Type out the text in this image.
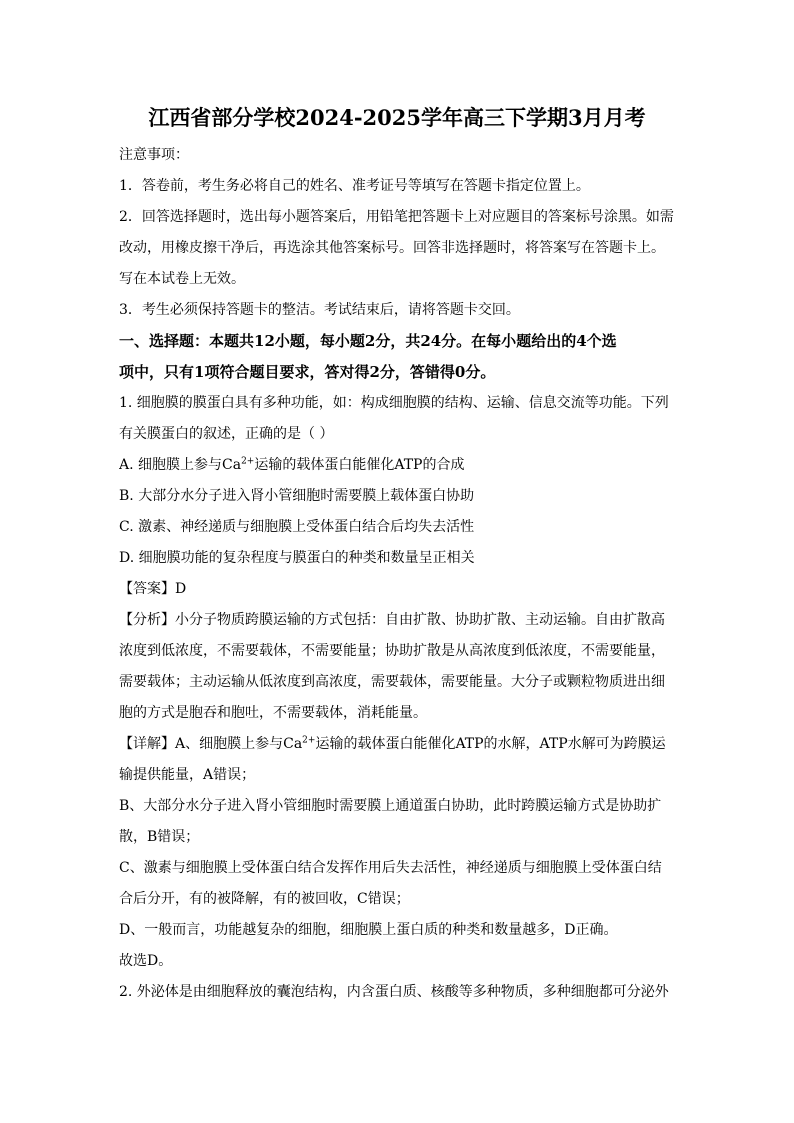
江西省部分学校2024-2025学年高三下学期3月月考
注意事项：
1．答卷前，考生务必将自己的姓名、准考证号等填写在答题卡指定位置上。
2．回答选择题时，选出每小题答案后，用铅笔把答题卡上对应题目的答案标号涂黑。如需
改动，用橡皮擦干净后，再选涂其他答案标号。回答非选择题时，将答案写在答题卡上。
写在本试卷上无效。
3．考生必须保持答题卡的整洁。考试结束后，请将答题卡交回。
一、选择题：本题共12小题，每小题2分，共24分。在每小题给出的4个选
项中，只有1项符合题目要求，答对得2分，答错得0分。
1. 细胞膜的膜蛋白具有多种功能，如：构成细胞膜的结构、运输、信息交流等功能。下列
有关膜蛋白的叙述，正确的是（ ）
A. 细胞膜上参与$Ca^{2+}$运输的载体蛋白能催化ATP的合成
B. 大部分水分子进入肾小管细胞时需要膜上载体蛋白协助
C. 激素、神经递质与细胞膜上受体蛋白结合后均失去活性
D. 细胞膜功能的复杂程度与膜蛋白的种类和数量呈正相关
【答案】D
【分析】小分子物质跨膜运输的方式包括：自由扩散、协助扩散、主动运输。自由扩散高
浓度到低浓度，不需要载体，不需要能量；协助扩散是从高浓度到低浓度，不需要能量，
需要载体；主动运输从低浓度到高浓度，需要载体，需要能量。大分子或颗粒物质进出细
胞的方式是胞吞和胞吐，不需要载体，消耗能量。
【详解】A、细胞膜上参与$Ca^{2+}$运输的载体蛋白能催化ATP的水解，ATP水解可为跨膜运
输提供能量，A错误；
B、大部分水分子进入肾小管细胞时需要膜上通道蛋白协助，此时跨膜运输方式是协助扩
散，B错误；
C、激素与细胞膜上受体蛋白结合发挥作用后失去活性，神经递质与细胞膜上受体蛋白结
合后分开，有的被降解，有的被回收，C错误；
D、一般而言，功能越复杂的细胞，细胞膜上蛋白质的种类和数量越多，D正确。
故选D。
2. 外泌体是由细胞释放的囊泡结构，内含蛋白质、核酸等多种物质，多种细胞都可分泌外
